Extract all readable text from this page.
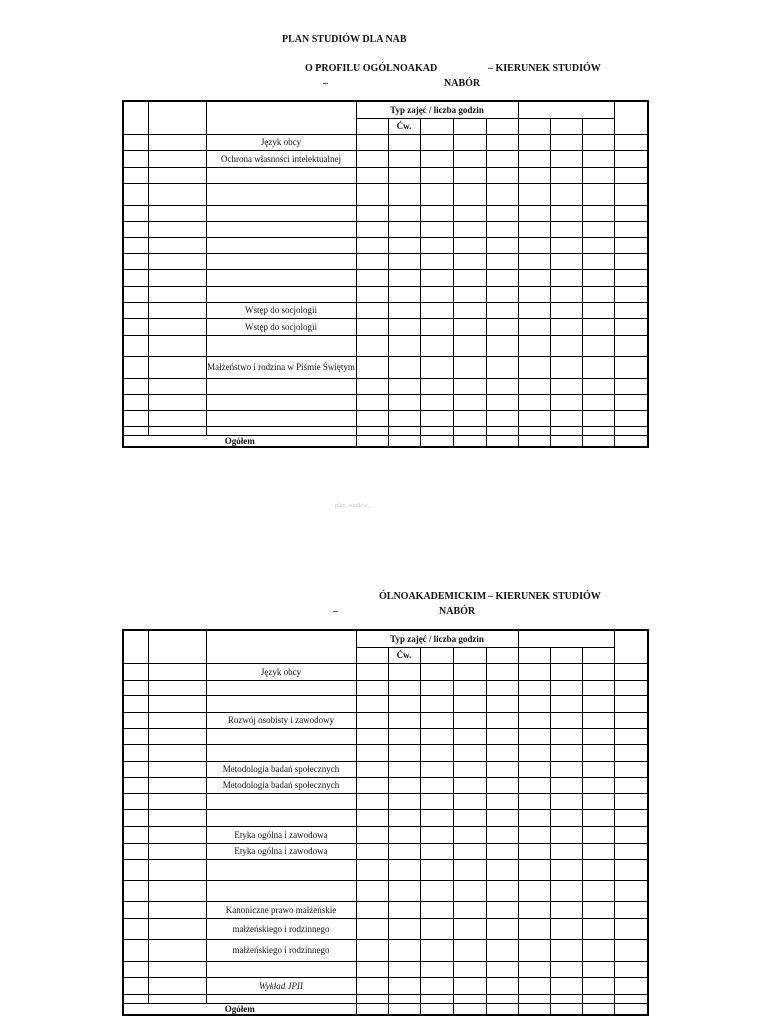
PLAN STUDIÓW DLA NAB
O PROFILU OGÓLNOAKAD	– KIERUNEK STUDIÓW
–	NABÓR
			Typ zajęć / liczba godzin								
				Ćw.							
		Język obcy									
		Ochrona własności intelektualnej									

		Wstęp do socjologii									
		Wstęp do socjologii									

		Małżeństwo i rodzina w Piśmie Świętym									

Ogółem											
plan_studiów_
ÓLNOAKADEMICKIM – KIERUNEK STUDIÓW
–	NABÓR
			Typ zajęć / liczba godzin								
				Ćw.							
		Język obcy									

		Rozwój osobisty i zawodowy									

		Metodologia badań społecznych									
		Metodologia badań społecznych									

		Etyka ogólna i zawodowa									
		Etyka ogólna i zawodowa									

		Kanoniczne prawo małżeńskie									
		małżeńskiego i rodzinnego									
		małżeńskiego i rodzinnego									

		Wykład JPII									

Ogółem											
